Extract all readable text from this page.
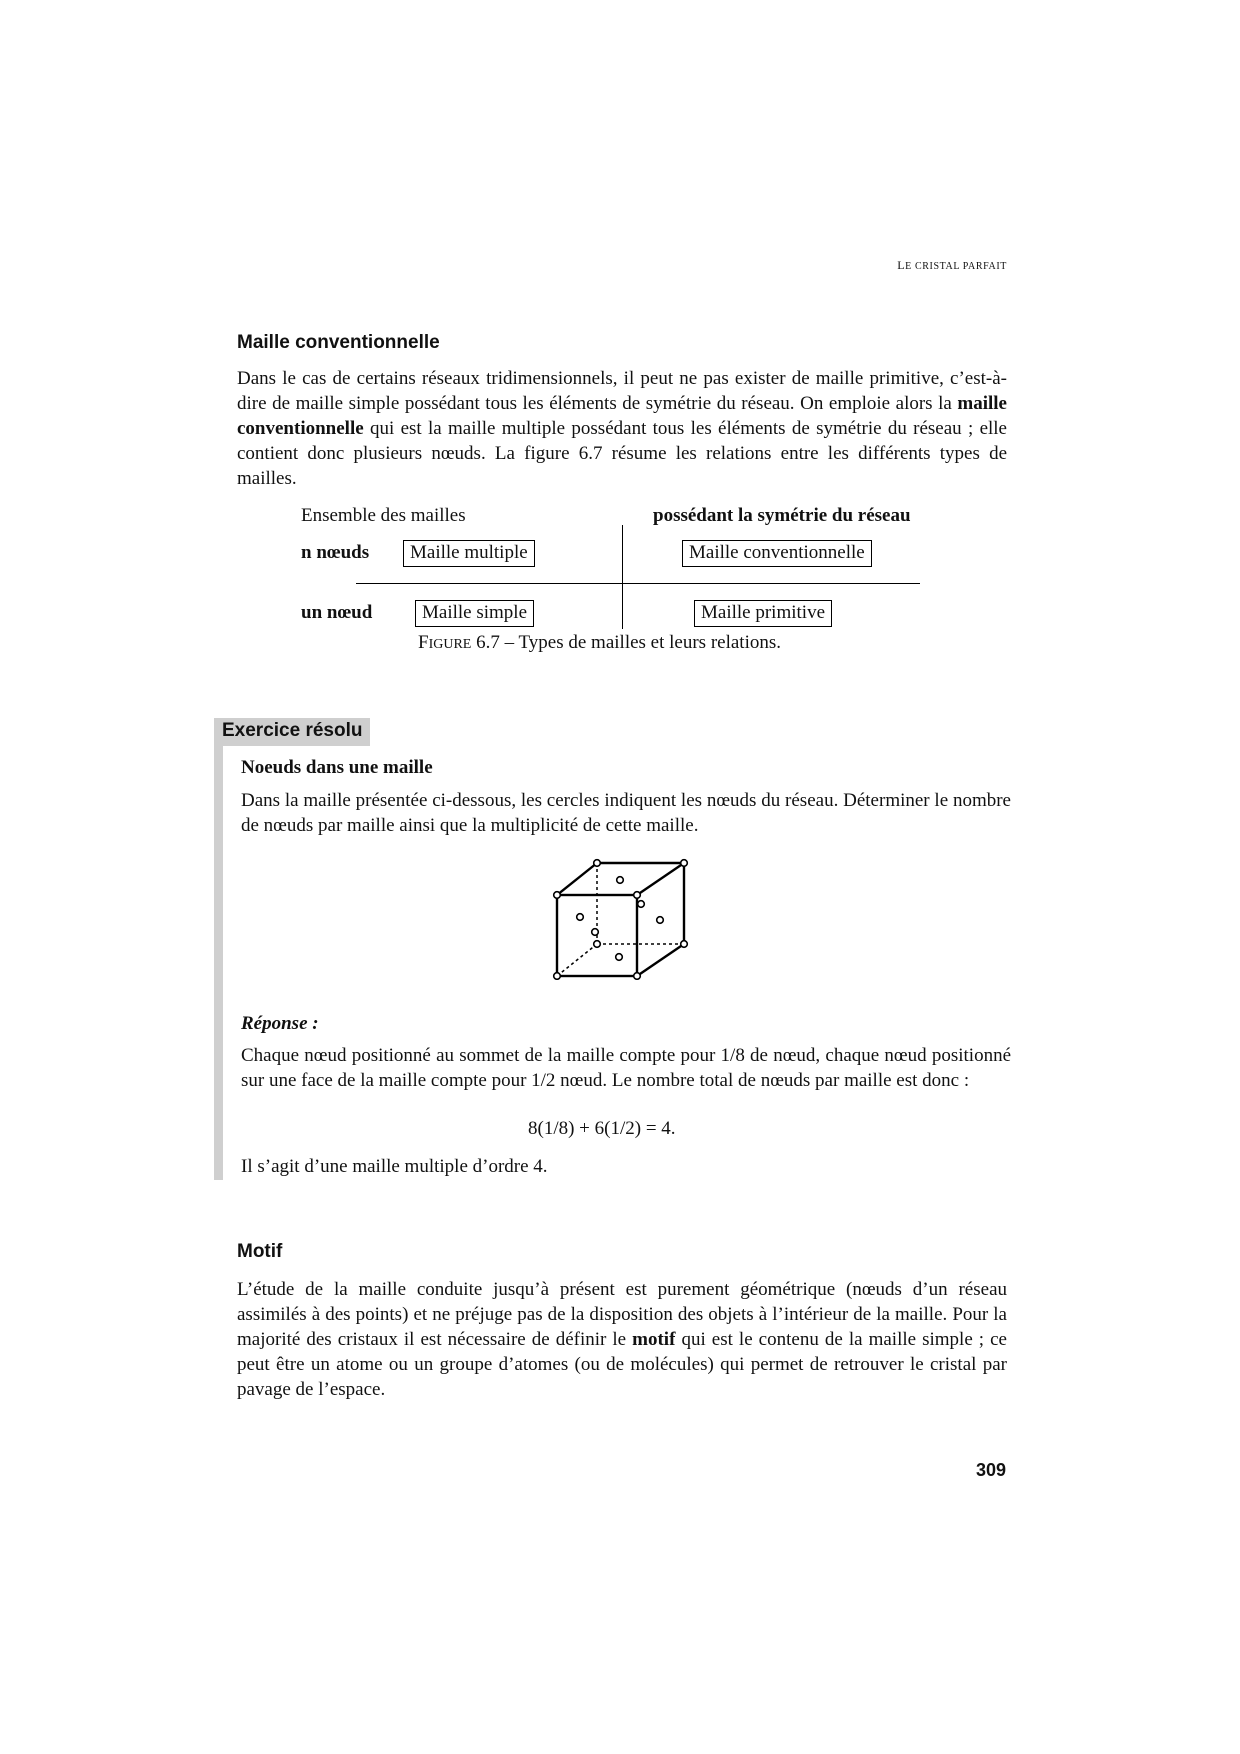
LE CRISTAL PARFAIT
Maille conventionnelle
Dans le cas de certains réseaux tridimensionnels, il peut ne pas exister de maille primitive, c’est-à-dire de maille simple possédant tous les éléments de symétrie du réseau. On emploie alors la maille conventionnelle qui est la maille multiple possédant tous les éléments de symétrie du réseau ; elle contient donc plusieurs nœuds. La figure 6.7 résume les relations entre les différents types de mailles.
Ensemble des mailles	possédant la symétrie du réseau
n nœuds	Maille multiple	Maille conventionnelle
un nœud	Maille simple	Maille primitive
FIGURE 6.7 – Types de mailles et leurs relations.
Exercice résolu
Noeuds dans une maille
Dans la maille présentée ci-dessous, les cercles indiquent les nœuds du réseau. Déterminer le nombre de nœuds par maille ainsi que la multiplicité de cette maille.
Réponse :
Chaque nœud positionné au sommet de la maille compte pour 1/8 de nœud, chaque nœud positionné sur une face de la maille compte pour 1/2 nœud. Le nombre total de nœuds par maille est donc :
8(1/8) + 6(1/2) = 4.
Il s’agit d’une maille multiple d’ordre 4.
Motif
L’étude de la maille conduite jusqu’à présent est purement géométrique (nœuds d’un réseau assimilés à des points) et ne préjuge pas de la disposition des objets à l’intérieur de la maille. Pour la majorité des cristaux il est nécessaire de définir le motif qui est le contenu de la maille simple ; ce peut être un atome ou un groupe d’atomes (ou de molécules) qui permet de retrouver le cristal par pavage de l’espace.
309
